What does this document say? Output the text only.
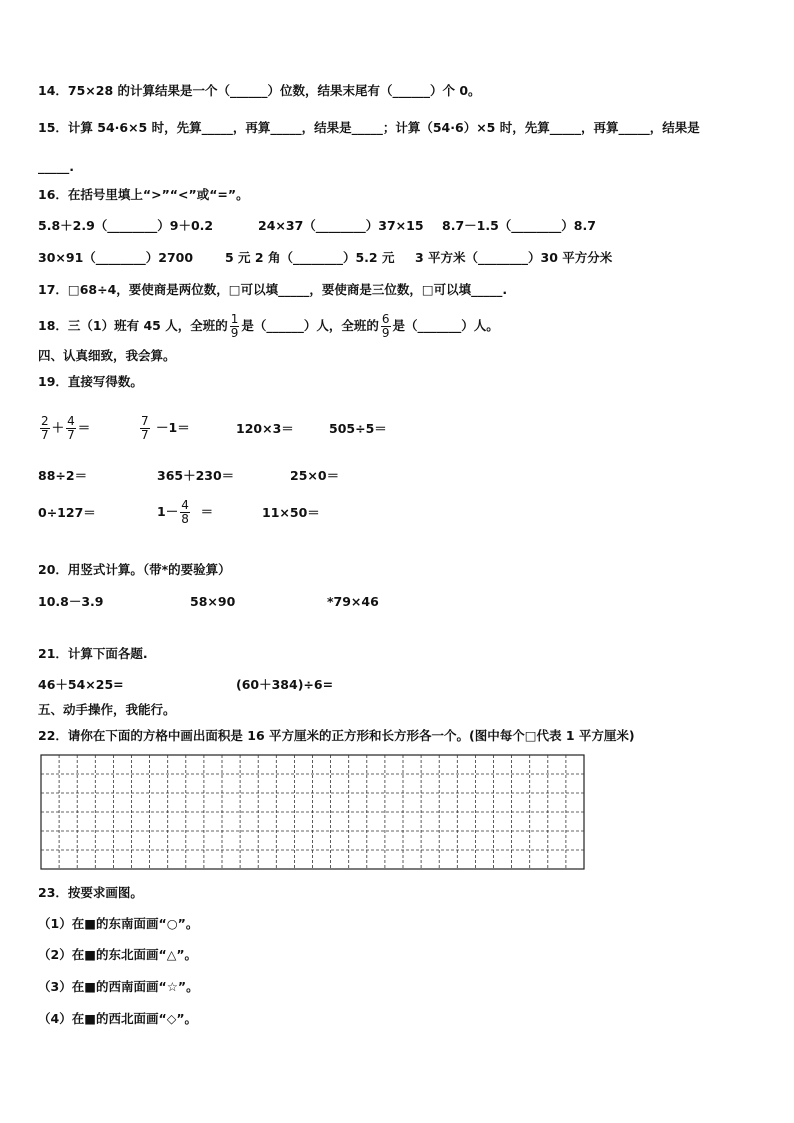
14．75×28 的计算结果是一个（______）位数，结果末尾有（______）个 0。
15．计算 54·6×5 时，先算_____，再算_____，结果是_____；计算（54·6）×5 时，先算_____，再算_____，结果是
_____.
16．在括号里填上“>”“<”或“=”。
5.8＋2.9（________）9＋0.2	24×37（________）37×15 8.7－1.5（________）8.7
30×91（________）2700	5 元 2 角（________）5.2 元 3 平方米（________）30 平方分米
17．□68÷4，要使商是两位数，□可以填_____，要使商是三位数，□可以填_____.
18．三（1）班有 45 人，全班的 $\frac{1}{9}$ 是（______）人，全班的 $\frac{6}{9}$ 是（_______）人。
四、认真细致，我会算。
19．直接写得数。
$\frac{2}{7} + \frac{4}{7}$ ＝	$\frac{7}{7} -1=$	120×3＝	505÷5＝
88÷2＝	365＋230＝	25×0＝
0÷127＝	$1- \frac{4}{8}$ ＝	11×50＝
20．用竖式计算。（带*的要验算）
10.8－3.9	58×90	*79×46
21．计算下面各题.
46＋54×25=	(60＋384)÷6=
五、动手操作，我能行。
22．请你在下面的方格中画出面积是 16 平方厘米的正方形和长方形各一个。(图中每个□代表 1 平方厘米)
23．按要求画图。
（1）在■的东南面画“○”。
（2）在■的东北面画“△”。
（3）在■的西南面画“☆”。
（4）在■的西北面画“◇”。
